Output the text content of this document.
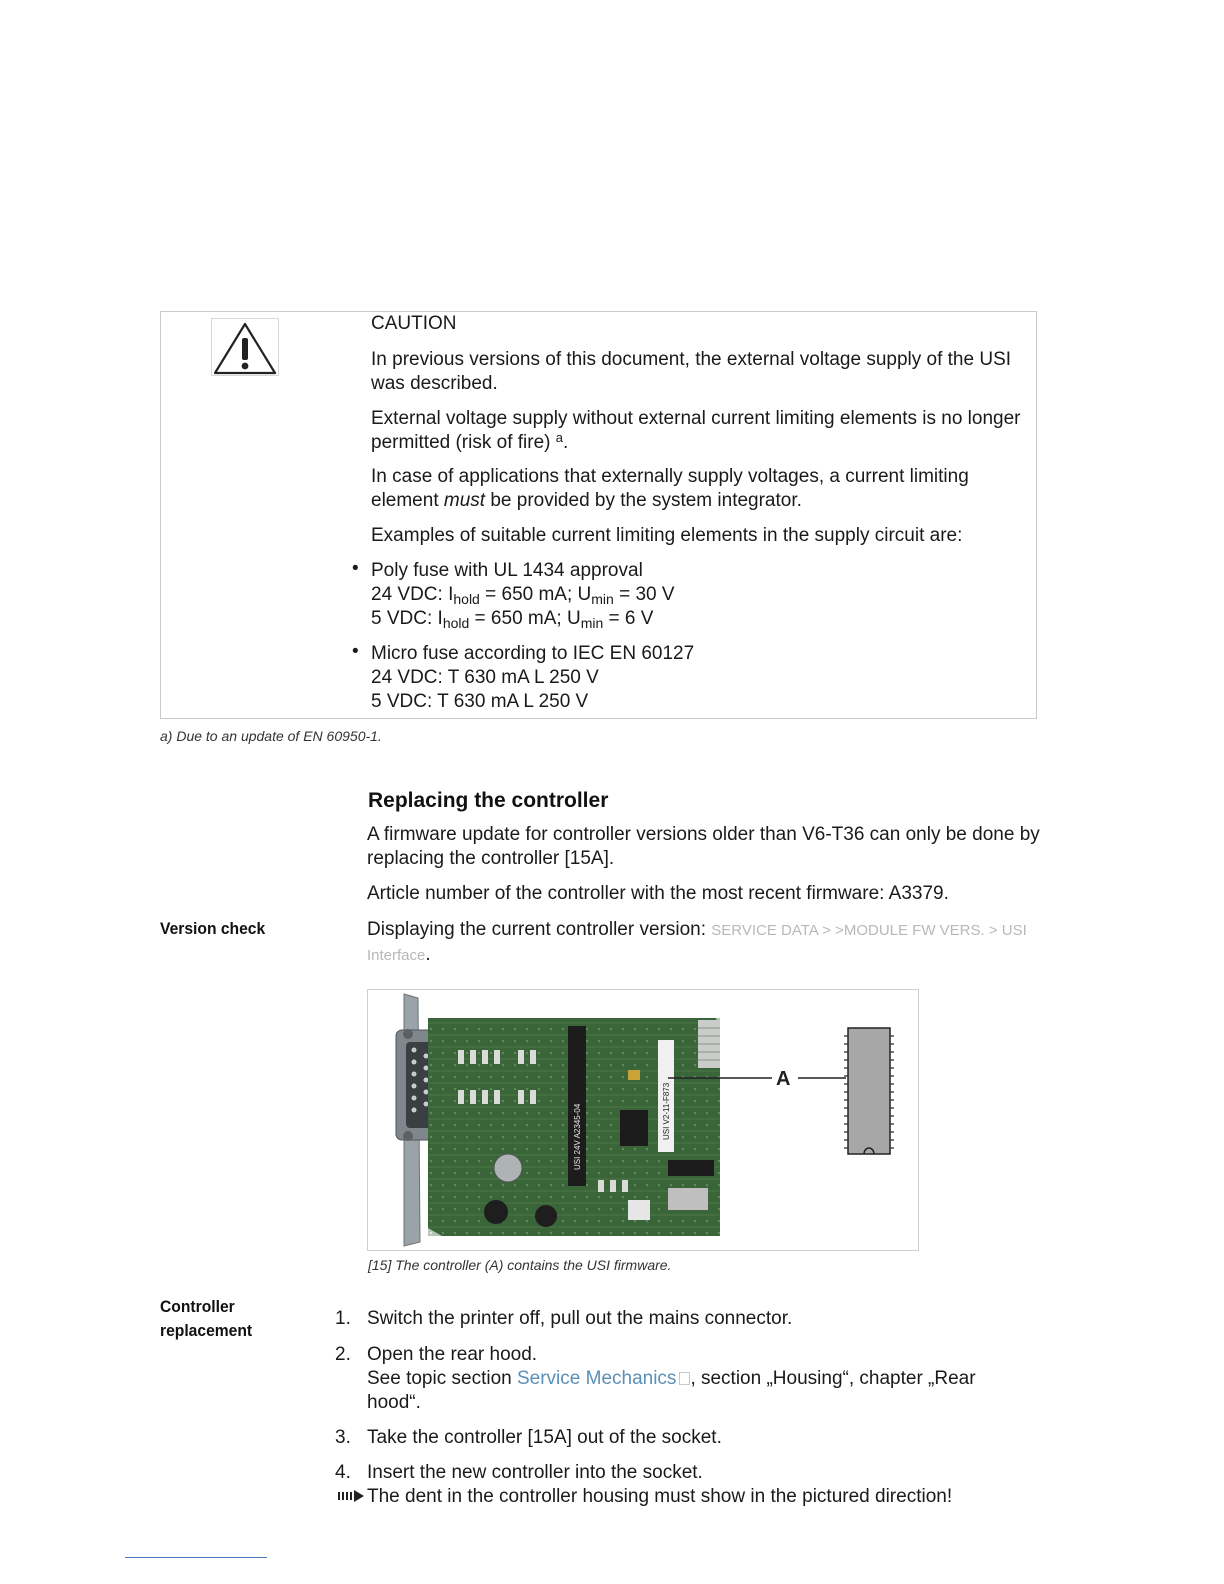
CAUTION
In previous versions of this document, the external voltage supply of the USI was described.
External voltage supply without external current limiting elements is no longer permitted (risk of fire) $^a$.
In case of applications that externally supply voltages, a current limiting element must be provided by the system integrator.
Examples of suitable current limiting elements in the supply circuit are:
• Poly fuse with UL 1434 approval
24 VDC: $I_{hold} = 650$ mA; $U_{min} = 30$ V
5 VDC: $I_{hold} = 650$ mA; $U_{min} = 6$ V
• Micro fuse according to IEC EN 60127
24 VDC: T 630 mA L 250 V
5 VDC: T 630 mA L 250 V
a) Due to an update of EN 60950-1.
Replacing the controller
A firmware update for controller versions older than V6-T36 can only be done by replacing the controller [15A].
Article number of the controller with the most recent firmware: A3379.
Version check	Displaying the current controller version: SERVICE DATA > >MODULE FW VERS. > USI Interface.
USI 24V A2345-04	USI V2-11-F873
A
[15] The controller (A) contains the USI firmware.
Controller
replacement
1. Switch the printer off, pull out the mains connector.
2. Open the rear hood.
See topic section Service Mechanics , section „Housing“, chapter „Rear hood“.
3. Take the controller [15A] out of the socket.
4. Insert the new controller into the socket.
The dent in the controller housing must show in the pictured direction!
